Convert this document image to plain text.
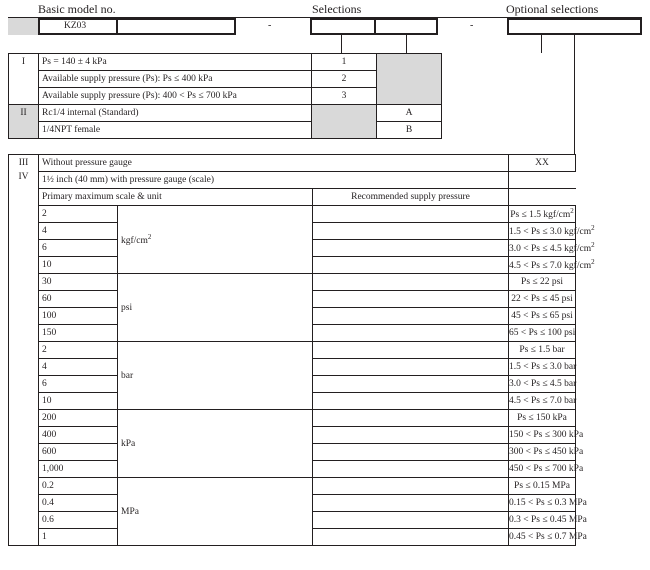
Basic model no.	Selections	Optional selections
KZ03	-	-
I	Ps = 140 ± 4 kPa	1	
	Available supply pressure (Ps): Ps ≤ 400 kPa	2	
	Available supply pressure (Ps): 400 < Ps ≤ 700 kPa	3	
II	Rc1/4 internal (Standard)		A
	1/4NPT female		B
III	Without pressure gauge			XX	
IV	1½ inch (40 mm) with pressure gauge (scale)				
	Primary maximum scale & unit		Recommended supply pressure		
	2	kgf/$cm^2$		Ps ≤ 1.5 kgf/$cm^2$	
	4			1.5 < Ps ≤ 3.0 kgf/$cm^2$	
	6			3.0 < Ps ≤ 4.5 kgf/$cm^2$	
	10			4.5 < Ps ≤ 7.0 kgf/$cm^2$	
	30	psi		Ps ≤ 22 psi	
	60			22 < Ps ≤ 45 psi	
	100			45 < Ps ≤ 65 psi	
	150			65 < Ps ≤ 100 psi	
	2	bar		Ps ≤ 1.5 bar	
	4			1.5 < Ps ≤ 3.0 bar	
	6			3.0 < Ps ≤ 4.5 bar	
	10			4.5 < Ps ≤ 7.0 bar	
	200	kPa		Ps ≤ 150 kPa	
	400			150 < Ps ≤ 300 kPa	
	600			300 < Ps ≤ 450 kPa	
	1,000			450 < Ps ≤ 700 kPa	
	0.2	MPa		Ps ≤ 0.15 MPa	
	0.4			0.15 < Ps ≤ 0.3 MPa	
	0.6			0.3 < Ps ≤ 0.45 MPa	
	1			0.45 < Ps ≤ 0.7 MPa	
